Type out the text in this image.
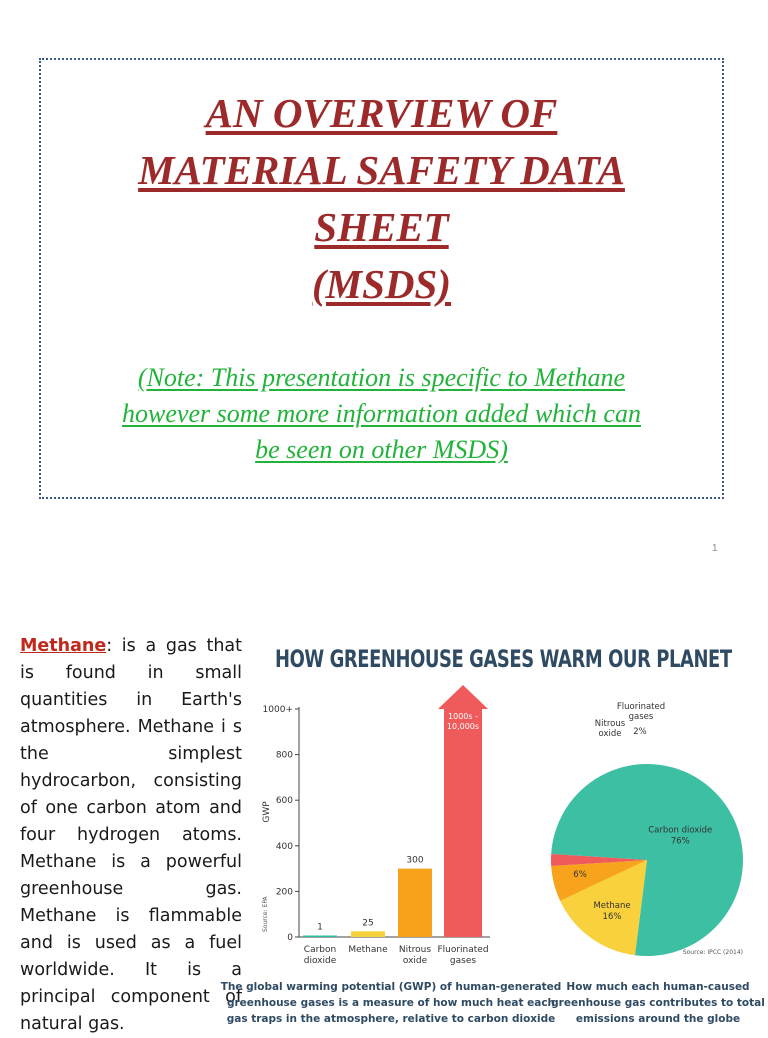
AN OVERVIEW OF
MATERIAL SAFETY DATA
SHEET
(MSDS)
(Note: This presentation is specific to Methane
however some more information added which can
be seen on other MSDS)
1
Methane: is a gas that is found in small quantities in Earth's atmosphere. Methane i s the simplest hydrocarbon, consisting of one carbon atom and four hydrogen atoms. Methane is a powerful greenhouse gas. Methane is flammable and is used as a fuel worldwide. It is a principal component of natural gas.
HOW GREENHOUSE GASES WARM OUR PLANET
0
200
400
600
800
1000+
GWP
Source: EPA	1
Carbon dioxide
25
Methane
300
Nitrous oxide
1000s -10,000s
Fluorinated gases
Carbon dioxide 76%
Methane 16%
6%
2%
Nitrous oxide
Fluorinated gases
Source: IPCC (2014)
The global warming potential (GWP) of human-generated greenhouse gases is a measure of how much heat each gas traps in the atmosphere, relative to carbon dioxide
How much each human-caused greenhouse gas contributes to total emissions around the globe
